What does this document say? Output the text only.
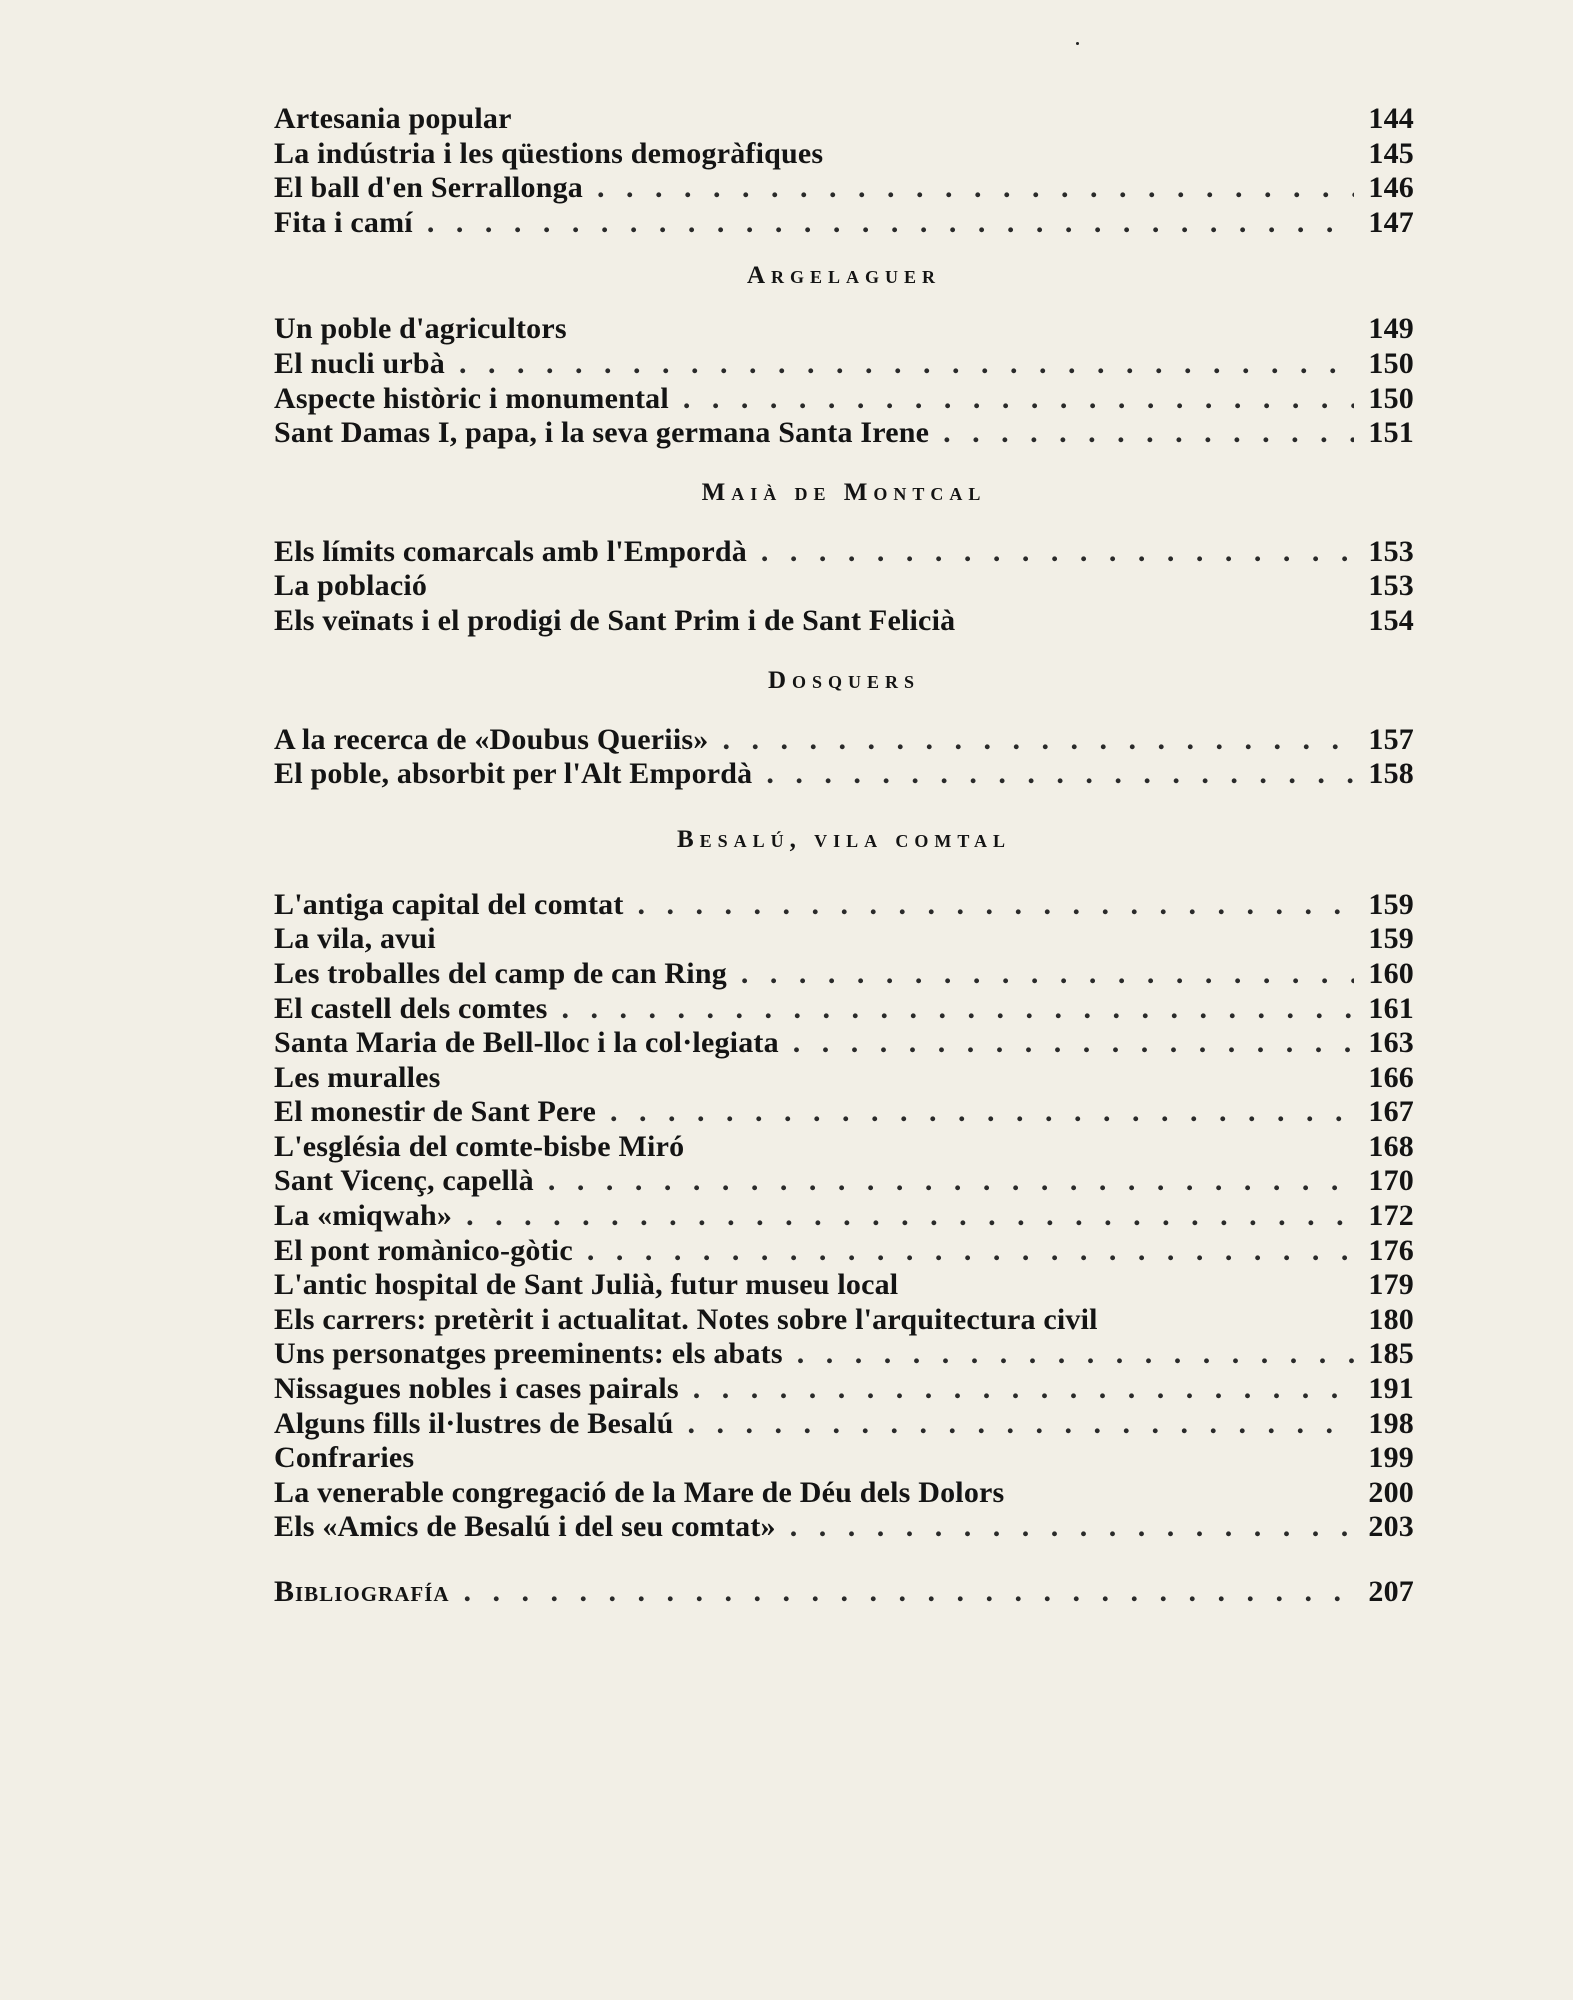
Artesania popular	144
La indústria i les qüestions demogràfiques	145
El ball d'en Serrallonga . . .	146
Fita i camí . . .	147
Argelaguer
Un poble d'agricultors	149
El nucli urbà . . .	150
Aspecte històric i monumental . . .	150
Sant Damas I, papa, i la seva germana Santa Irene . . .	151
Maià de Montcal
Els límits comarcals amb l'Empordà . . .	153
La població	153
Els veïnats i el prodigi de Sant Prim i de Sant Felicià	154
Dosquers
A la recerca de «Doubus Queriis» . . .	157
El poble, absorbit per l'Alt Empordà . . .	158
Besalú, vila comtal
L'antiga capital del comtat . . .	159
La vila, avui	159
Les troballes del camp de can Ring . . .	160
El castell dels comtes . . .	161
Santa Maria de Bell-lloc i la col·legiata . . .	163
Les muralles	166
El monestir de Sant Pere . . .	167
L'església del comte-bisbe Miró	168
Sant Vicenç, capellà . . .	170
La «miqwah» . . .	172
El pont romànico-gòtic . . .	176
L'antic hospital de Sant Julià, futur museu local	179
Els carrers: pretèrit i actualitat. Notes sobre l'arquitectura civil	180
Uns personatges preeminents: els abats . . .	185
Nissagues nobles i cases pairals . . .	191
Alguns fills il·lustres de Besalú . . .	198
Confraries	199
La venerable congregació de la Mare de Déu dels Dolors	200
Els «Amics de Besalú i del seu comtat» . . .	203
Bibliografía . . .	207
